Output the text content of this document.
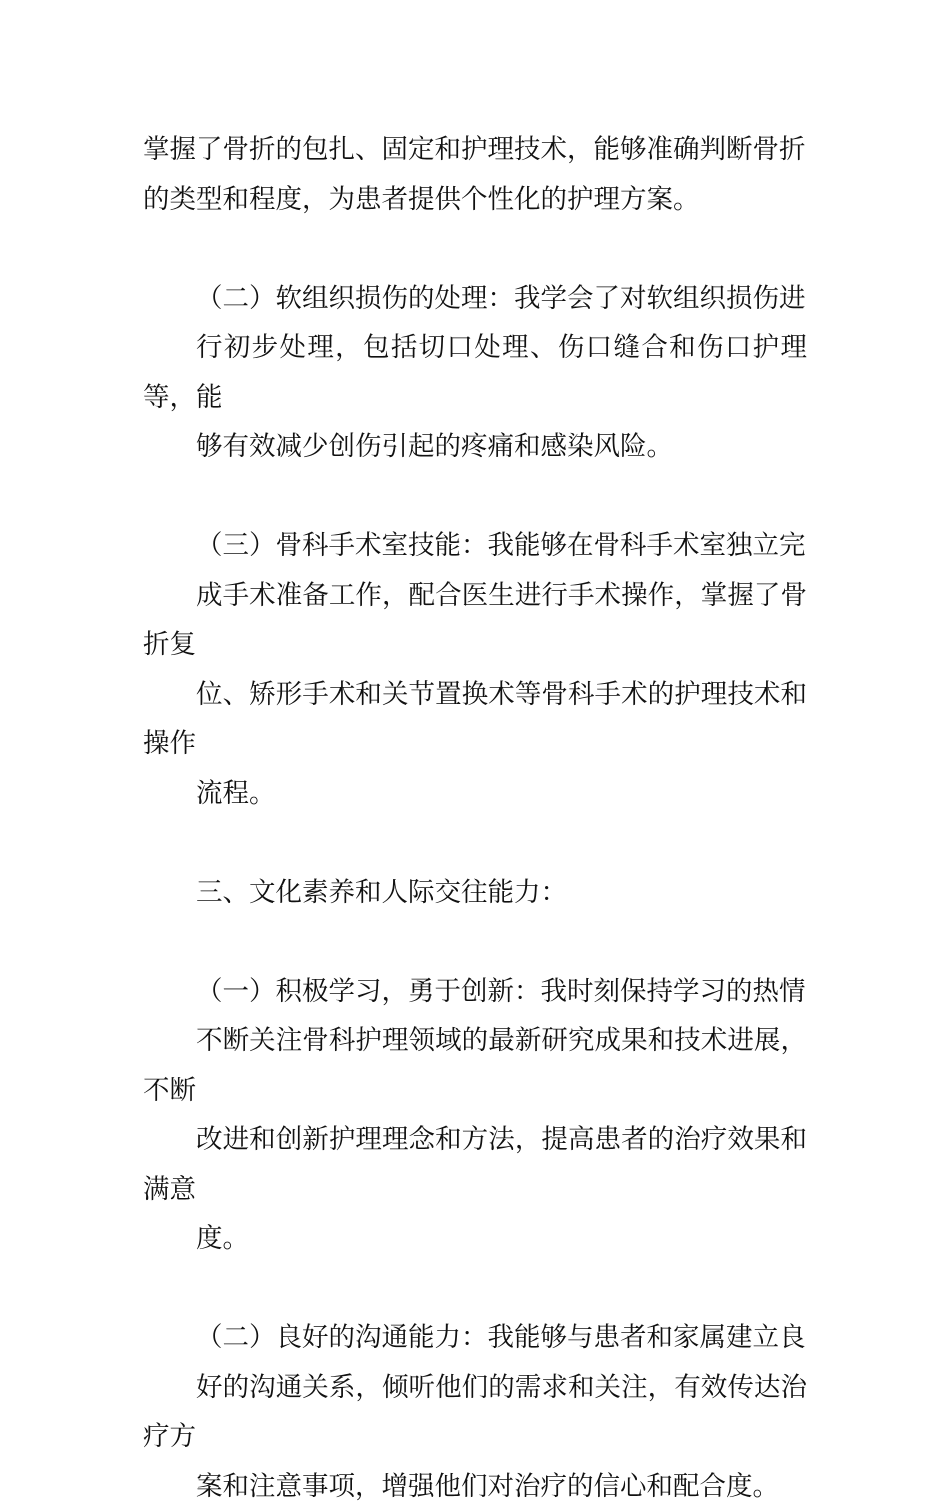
掌握了骨折的包扎、固定和护理技术，能够准确判断骨折
的类型和程度，为患者提供个性化的护理方案。

（二）软组织损伤的处理：我学会了对软组织损伤进
行初步处理，包括切口处理、伤口缝合和伤口护理等，能
够有效减少创伤引起的疼痛和感染风险。

（三）骨科手术室技能：我能够在骨科手术室独立完
成手术准备工作，配合医生进行手术操作，掌握了骨折复
位、矫形手术和关节置换术等骨科手术的护理技术和操作
流程。

三、文化素养和人际交往能力：

（一）积极学习，勇于创新：我时刻保持学习的热情
不断关注骨科护理领域的最新研究成果和技术进展，不断
改进和创新护理理念和方法，提高患者的治疗效果和满意
度。

（二）良好的沟通能力：我能够与患者和家属建立良
好的沟通关系，倾听他们的需求和关注，有效传达治疗方
案和注意事项，增强他们对治疗的信心和配合度。
